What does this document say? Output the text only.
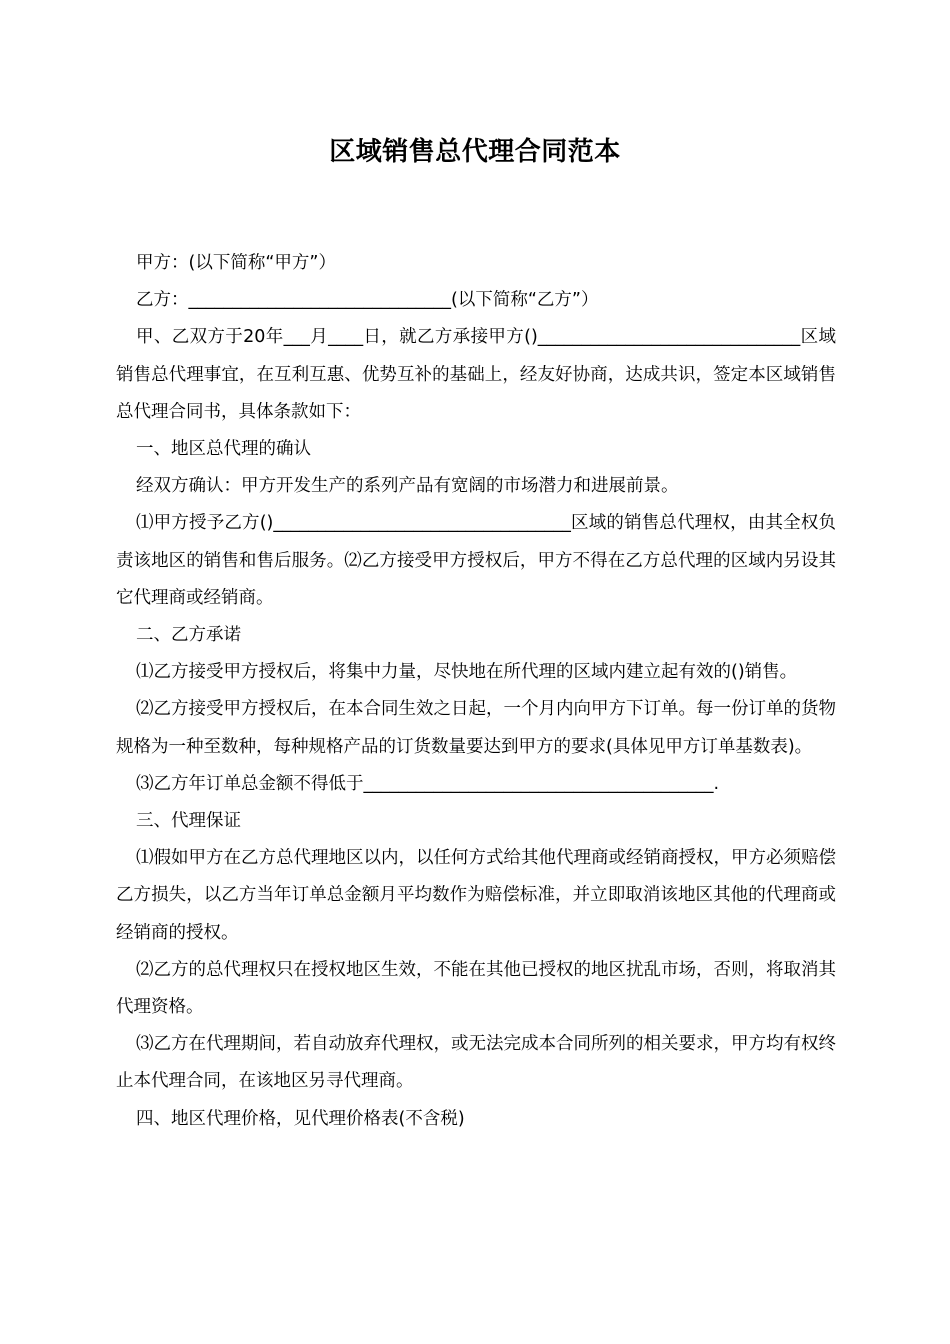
区域销售总代理合同范本

甲方：(以下简称“甲方”）

乙方：______________________________(以下简称“乙方”）

甲、乙双方于20年___月____日，就乙方承接甲方()______________________________区域销售总代理事宜，在互利互惠、优势互补的基础上，经友好协商，达成共识，签定本区域销售总代理合同书，具体条款如下：

一、地区总代理的确认

经双方确认：甲方开发生产的系列产品有宽阔的市场潜力和进展前景。

⑴甲方授予乙方()__________________________________区域的销售总代理权，由其全权负责该地区的销售和售后服务。⑵乙方接受甲方授权后，甲方不得在乙方总代理的区域内另设其它代理商或经销商。

二、乙方承诺

⑴乙方接受甲方授权后，将集中力量，尽快地在所代理的区域内建立起有效的()销售。

⑵乙方接受甲方授权后，在本合同生效之日起，一个月内向甲方下订单。每一份订单的货物规格为一种至数种，每种规格产品的订货数量要达到甲方的要求(具体见甲方订单基数表)。

⑶乙方年订单总金额不得低于________________________________________.

三、代理保证

⑴假如甲方在乙方总代理地区以内，以任何方式给其他代理商或经销商授权，甲方必须赔偿乙方损失，以乙方当年订单总金额月平均数作为赔偿标准，并立即取消该地区其他的代理商或经销商的授权。

⑵乙方的总代理权只在授权地区生效，不能在其他已授权的地区扰乱市场，否则，将取消其代理资格。

⑶乙方在代理期间，若自动放弃代理权，或无法完成本合同所列的相关要求，甲方均有权终止本代理合同，在该地区另寻代理商。

四、地区代理价格，见代理价格表(不含税)
